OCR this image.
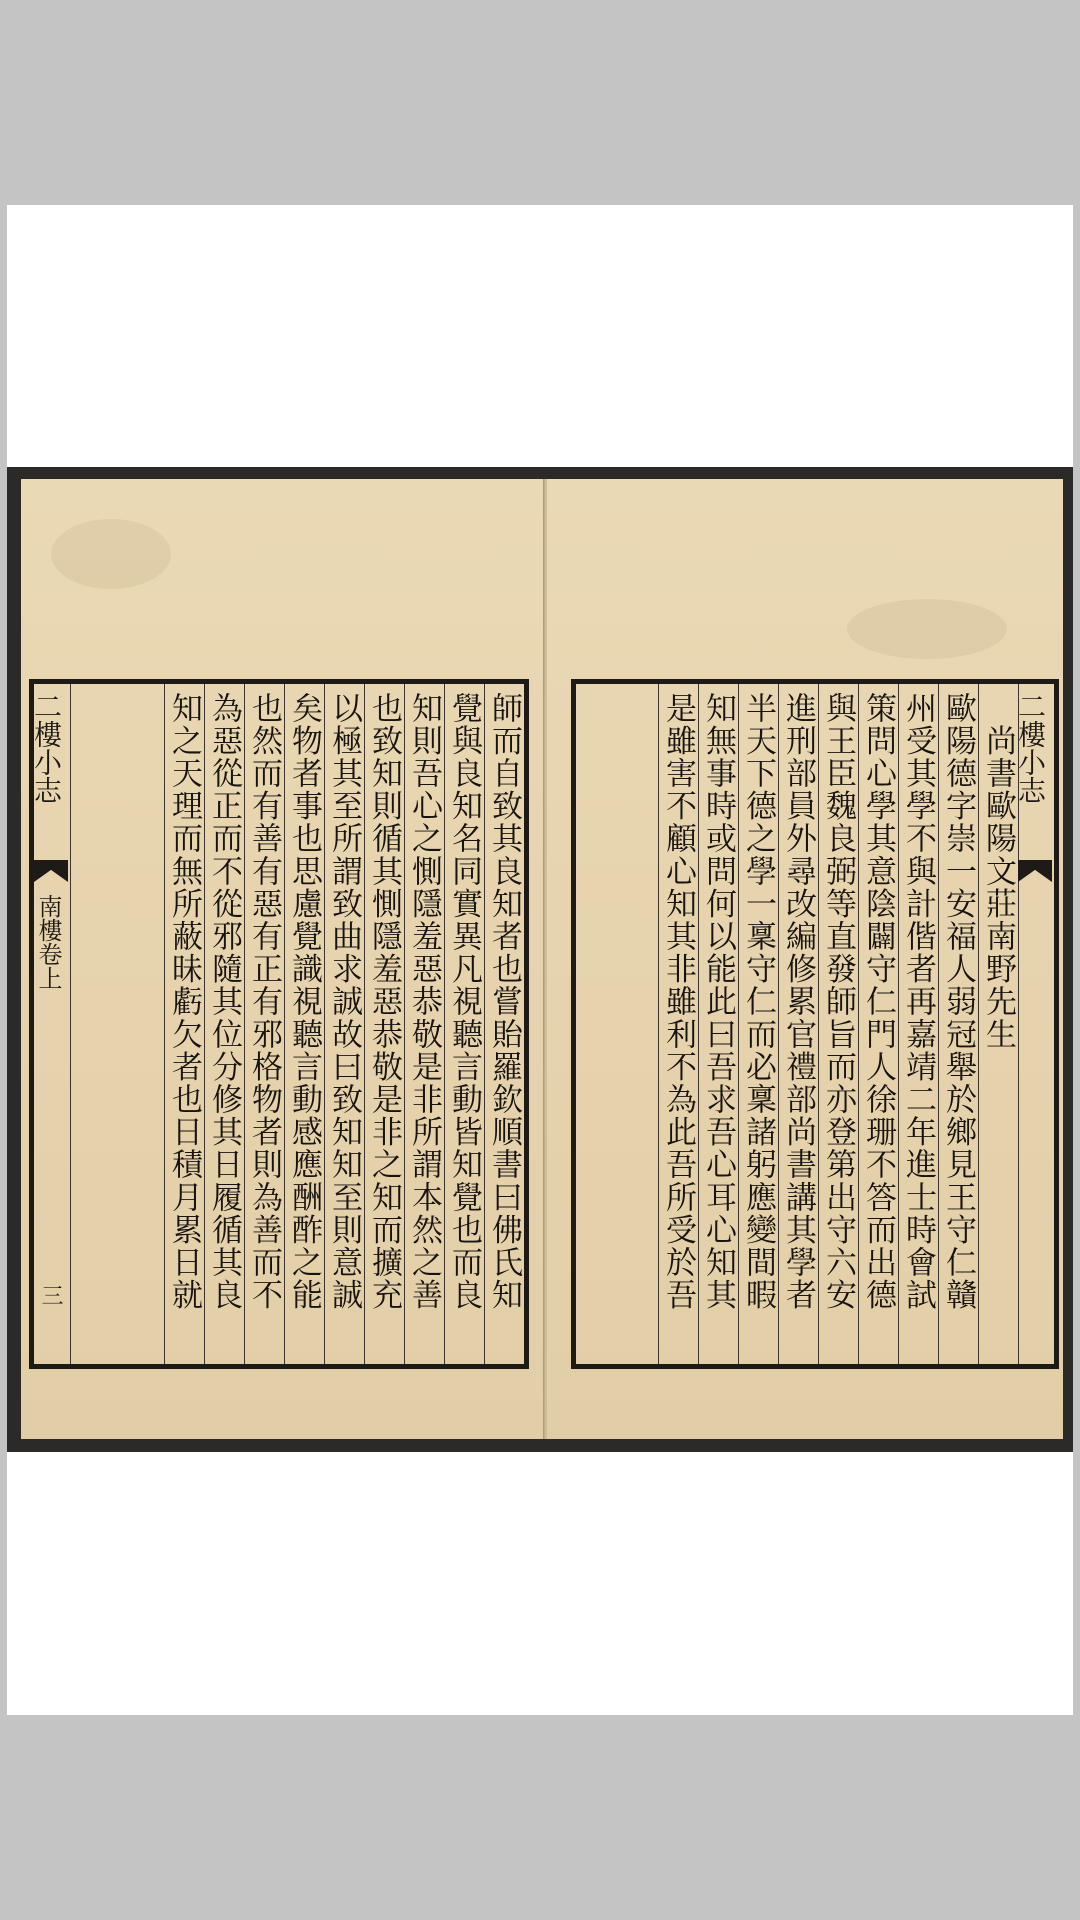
師而自致其良知者也嘗貽羅欽順書曰佛氏知
覺與良知名同實異凡視聽言動皆知覺也而良
知則吾心之惻隱羞惡恭敬是非所謂本然之善
也致知則循其惻隱羞惡恭敬是非之知而擴充
以極其至所謂致曲求誠故曰致知知至則意誠
矣物者事也思慮覺識視聽言動感應酬酢之能
也然而有善有惡有正有邪格物者則為善而不
為惡從正而不從邪隨其位分修其日履循其良
知之天理而無所蔽昧虧欠者也日積月累日就
二樓小志
南樓卷上
三
　尚書歐陽文莊南野先生
歐陽德字崇一安福人弱冠舉於鄉見王守仁贛
州受其學不與計偕者再嘉靖二年進士時會試
策問心學其意陰闢守仁門人徐珊不答而出德
與王臣魏良弼等直發師旨而亦登第出守六安
進刑部員外尋改編修累官禮部尚書講其學者
半天下德之學一稟守仁而必稟諸躬應變間暇
知無事時或問何以能此曰吾求吾心耳心知其
是雖害不顧心知其非雖利不為此吾所受於吾	二樓小志
